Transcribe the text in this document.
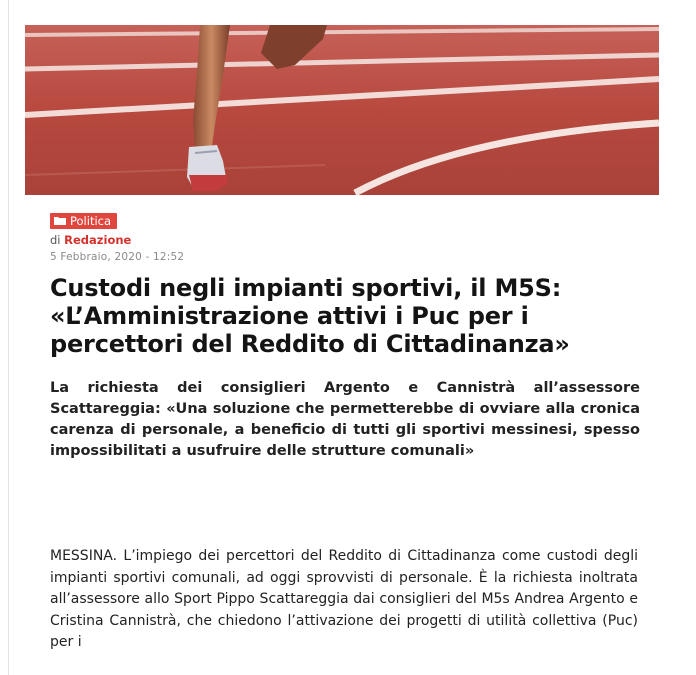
Politica
di Redazione
5 Febbraio, 2020 - 12:52
Custodi negli impianti sportivi, il M5S: «L’Amministrazione attivi i Puc per i percettori del Reddito di Cittadinanza»

La richiesta dei consiglieri Argento e Cannistrà all’assessore Scattareggia: «Una soluzione che permetterebbe di ovviare alla cronica carenza di personale, a beneficio di tutti gli sportivi messinesi, spesso impossibilitati a usufruire delle strutture comunali»

MESSINA. L’impiego dei percettori del Reddito di Cittadinanza come custodi degli impianti sportivi comunali, ad oggi sprovvisti di personale. È la richiesta inoltrata all’assessore allo Sport Pippo Scattareggia dai consiglieri del M5s Andrea Argento e Cristina Cannistrà, che chiedono l’attivazione dei progetti di utilità collettiva (Puc) per i
